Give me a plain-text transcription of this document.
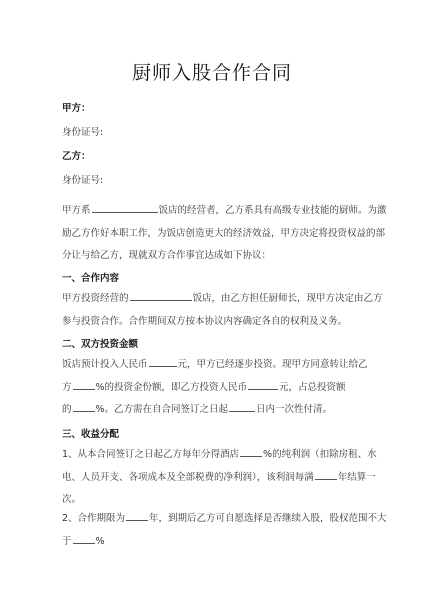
厨师入股合作合同
甲方：
身份证号:
乙方：
身份证号:
甲方系	饭店的经营者，乙方系具有高级专业技能的厨师。为激
励乙方作好本职工作，为饭店创造更大的经济效益，甲方决定将投资权益的部
分让与给乙方，现就双方合作事宜达成如下协议：
一、合作内容
甲方投资经营的	饭店，由乙方担任厨师长，现甲方决定由乙方
参与投资合作。合作期间双方按本协议内容确定各自的权利及义务。
二、双方投资金额
饭店预计投入人民币	元，甲方已经逐步投资。现甲方同意转让给乙
方	%的投资金份额，即乙方投资人民币	元，占总投资额
的	%。乙方需在自合同签订之日起	日内一次性付清。
三、收益分配
1、从本合同签订之日起乙方每年分得酒店	%的纯利润（扣除房租、水
电、人员开支、各项成本及全部税费的净利润），该利润每满	年结算一
次。
2、合作期限为	年，到期后乙方可自愿选择是否继续入股，股权范围不大
于	%
